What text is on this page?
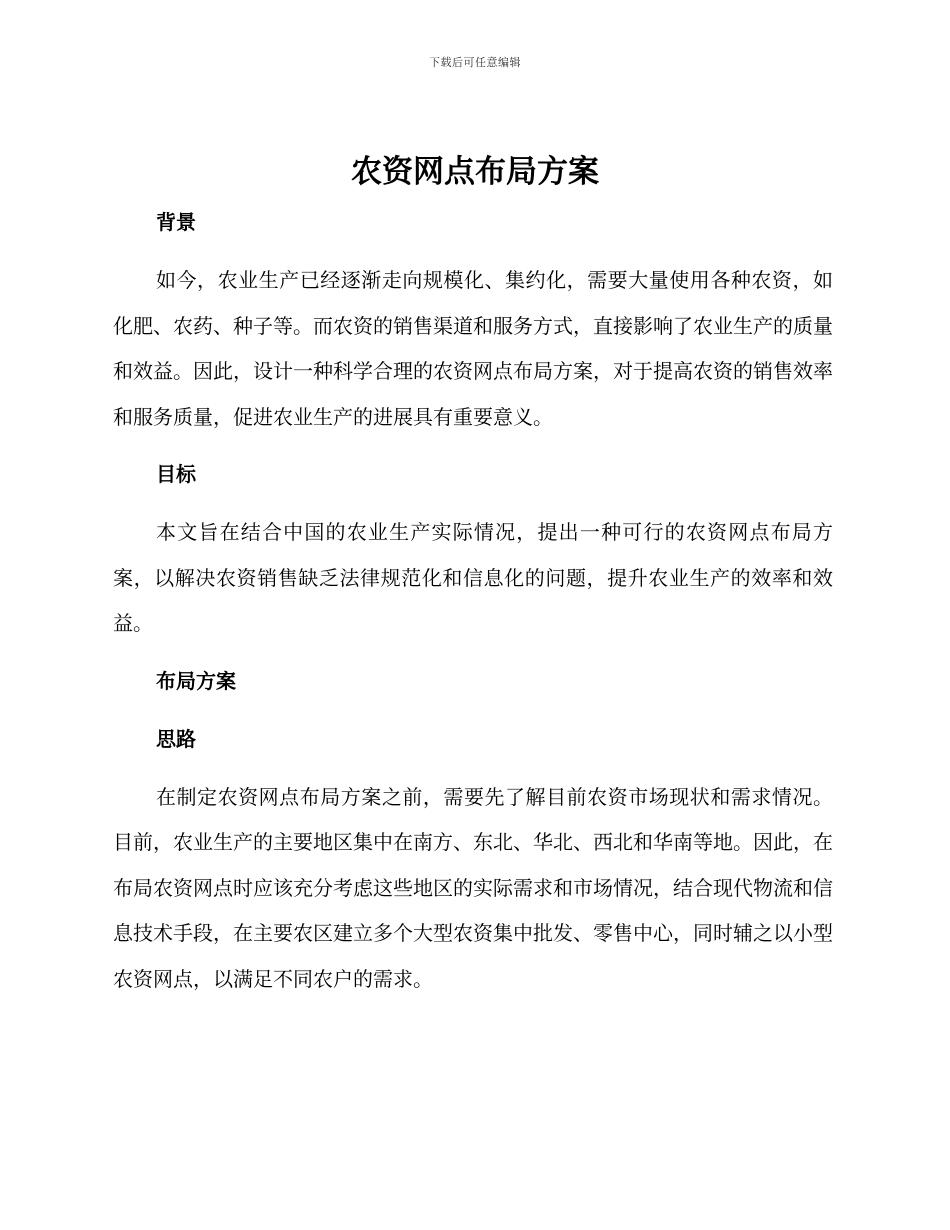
下载后可任意编辑
农资网点布局方案
背景

如今，农业生产已经逐渐走向规模化、集约化，需要大量使用各种农资，如化肥、农药、种子等。而农资的销售渠道和服务方式，直接影响了农业生产的质量和效益。因此，设计一种科学合理的农资网点布局方案，对于提高农资的销售效率和服务质量，促进农业生产的进展具有重要意义。

目标

本文旨在结合中国的农业生产实际情况，提出一种可行的农资网点布局方案，以解决农资销售缺乏法律规范化和信息化的问题，提升农业生产的效率和效益。

布局方案
思路

在制定农资网点布局方案之前，需要先了解目前农资市场现状和需求情况。目前，农业生产的主要地区集中在南方、东北、华北、西北和华南等地。因此，在布局农资网点时应该充分考虑这些地区的实际需求和市场情况，结合现代物流和信息技术手段，在主要农区建立多个大型农资集中批发、零售中心，同时辅之以小型农资网点，以满足不同农户的需求。
